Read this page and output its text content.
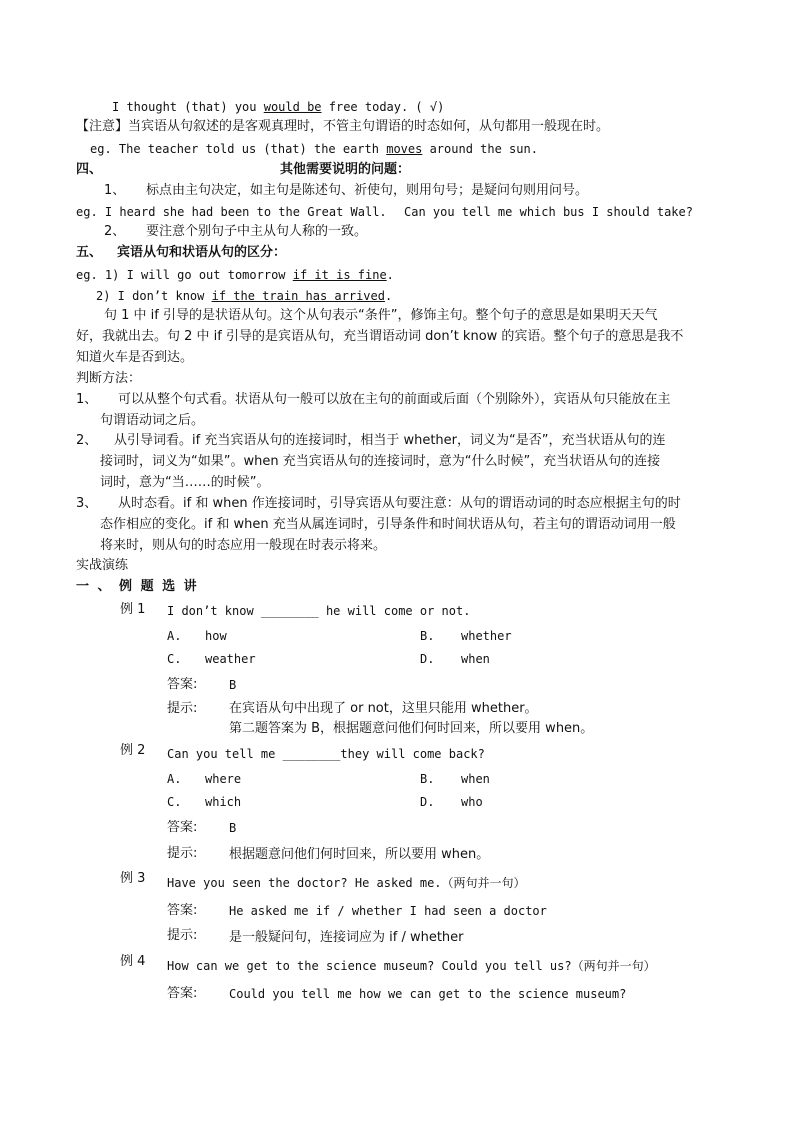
I thought (that) you would be free today. ( √)
【注意】当宾语从句叙述的是客观真理时，不管主句谓语的时态如何，从句都用一般现在时。
eg. The teacher told us (that) the earth moves around the sun.
四、	其他需要说明的问题：
1、 标点由主句决定，如主句是陈述句、祈使句，则用句号；是疑问句则用问号。
eg. I heard she had been to the Great Wall. Can you tell me which bus I should take?
2、 要注意个别句子中主从句人称的一致。
五、 宾语从句和状语从句的区分：
eg. 1) I will go out tomorrow if it is fine.
2) I don’t know if the train has arrived.
句 1 中 if 引导的是状语从句。这个从句表示“条件”，修饰主句。整个句子的意思是如果明天天气
好，我就出去。句 2 中 if 引导的是宾语从句，充当谓语动词 don’t know 的宾语。整个句子的意思是我不
知道火车是否到达。
判断方法：
1、 可以从整个句式看。状语从句一般可以放在主句的前面或后面（个别除外），宾语从句只能放在主
句谓语动词之后。
2、 从引导词看。if 充当宾语从句的连接词时，相当于 whether，词义为“是否”，充当状语从句的连
接词时，词义为“如果”。when 充当宾语从句的连接词时，意为“什么时候”，充当状语从句的连接
词时，意为“当……的时候”。
3、 从时态看。if 和 when 作连接词时，引导宾语从句要注意：从句的谓语动词的时态应根据主句的时
态作相应的变化。if 和 when 充当从属连词时，引导条件和时间状语从句，若主句的谓语动词用一般
将来时，则从句的时态应用一般现在时表示将来。
实战演练
一 、 例 题 选 讲
例 1 I don’t know ________ he will come or not.
A. how	B. whether
C. weather	D. when
答案:	B
提示: 在宾语从句中出现了 or not，这里只能用 whether。
第二题答案为 B，根据题意问他们何时回来，所以要用 when。
例 2 Can you tell me ________they will come back?
A. where	B. when
C. which	D. who
答案:	B
提示: 根据题意问他们何时回来，所以要用 when。
例 3 Have you seen the doctor? He asked me.（两句并一句）
答案:	He asked me if / whether I had seen a doctor
提示: 是一般疑问句，连接词应为 if / whether
例 4 How can we get to the science museum? Could you tell us?（两句并一句）
答案:	Could you tell me how we can get to the science museum?
